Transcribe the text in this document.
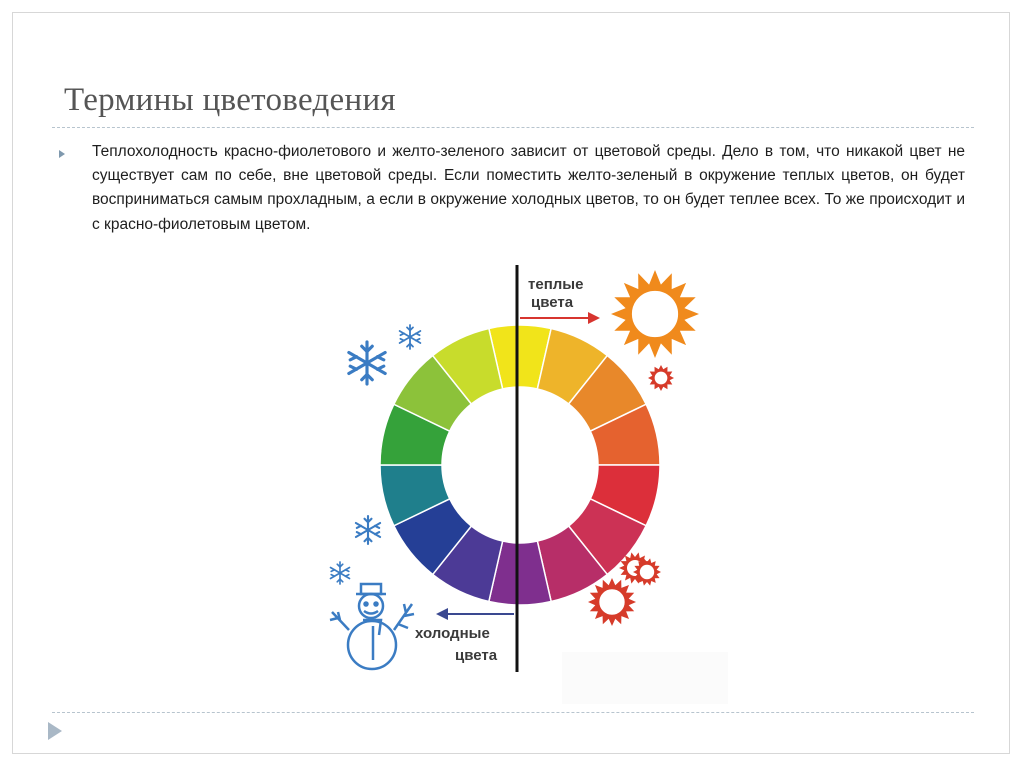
Термины цветоведения
Теплохолодность красно-фиолетового и желто-зеленого зависит от цветовой среды. Дело в том, что никакой цвет не существует сам по себе, вне цветовой среды. Если поместить желто-зеленый в окружение теплых цветов, он будет восприниматься самым прохладным, а если в окружение холодных цветов, то он будет теплее всех. То же происходит и с красно-фиолетовым цветом.
теплые
цвета
холодные
цвета
